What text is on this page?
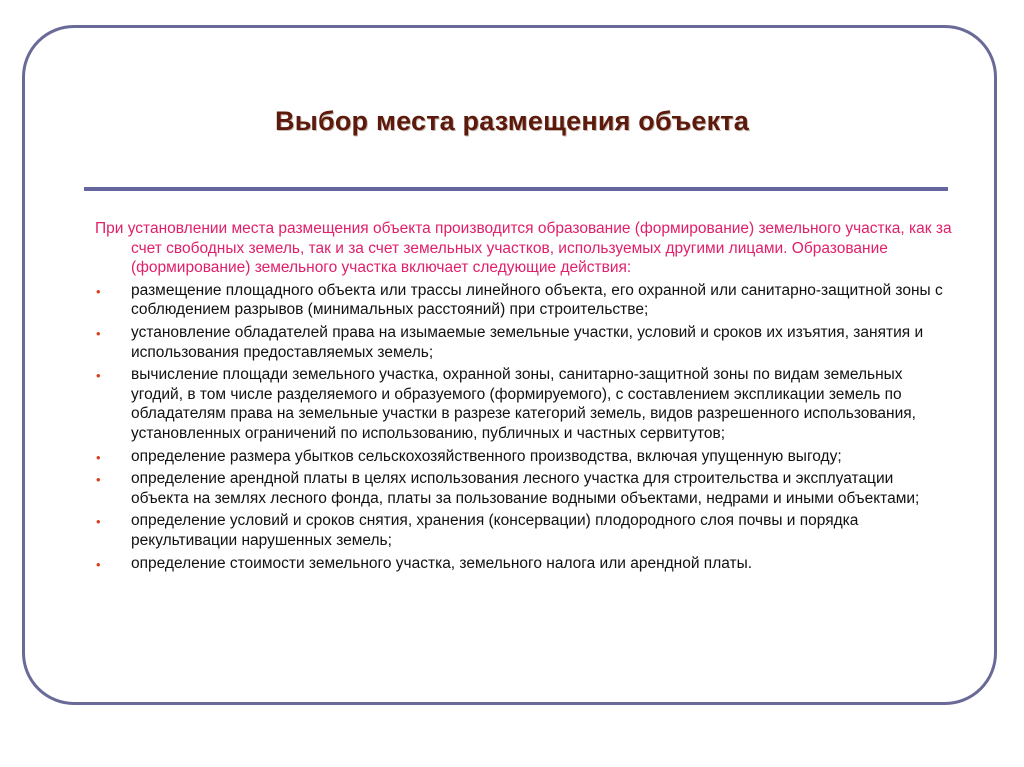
Выбор места размещения объекта

При установлении места размещения объекта производится образование (формирование) земельного участка, как за счет свободных земель, так и за счет земельных участков, используемых другими лицами. Образование (формирование) земельного участка включает следующие действия:

• размещение площадного объекта или трассы линейного объекта, его охранной или санитарно-защитной зоны с соблюдением разрывов (минимальных расстояний) при строительстве;
• установление обладателей права на изымаемые земельные участки, условий и сроков их изъятия, занятия и использования предоставляемых земель;
• вычисление площади земельного участка, охранной зоны, санитарно-защитной зоны по видам земельных угодий, в том числе разделяемого и образуемого (формируемого), с составлением экспликации земель по обладателям права на земельные участки в разрезе категорий земель, видов разрешенного использования, установленных ограничений по использованию, публичных и частных сервитутов;
• определение размера убытков сельскохозяйственного производства, включая упущенную выгоду;
• определение арендной платы в целях использования лесного участка для строительства и эксплуатации объекта на землях лесного фонда, платы за пользование водными объектами, недрами и иными объектами;
• определение условий и сроков снятия, хранения (консервации) плодородного слоя почвы и порядка рекультивации нарушенных земель;
• определение стоимости земельного участка, земельного налога или арендной платы.
